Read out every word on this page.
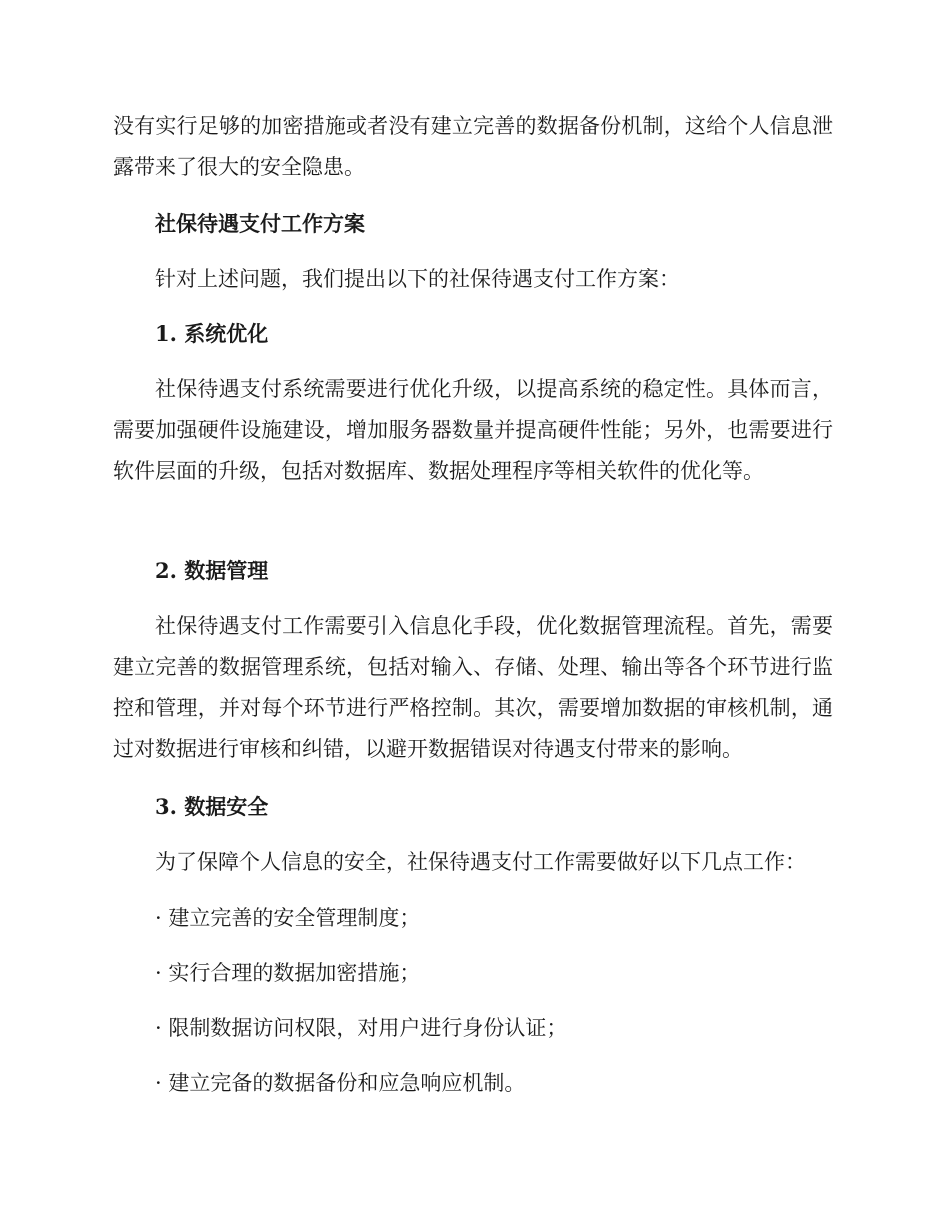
没有实行足够的加密措施或者没有建立完善的数据备份机制，这给个人信息泄露带来了很大的安全隐患。

社保待遇支付工作方案

针对上述问题，我们提出以下的社保待遇支付工作方案：

1. 系统优化

社保待遇支付系统需要进行优化升级，以提高系统的稳定性。具体而言，需要加强硬件设施建设，增加服务器数量并提高硬件性能；另外，也需要进行软件层面的升级，包括对数据库、数据处理程序等相关软件的优化等。

2. 数据管理

社保待遇支付工作需要引入信息化手段，优化数据管理流程。首先，需要建立完善的数据管理系统，包括对输入、存储、处理、输出等各个环节进行监控和管理，并对每个环节进行严格控制。其次，需要增加数据的审核机制，通过对数据进行审核和纠错，以避开数据错误对待遇支付带来的影响。

3. 数据安全

为了保障个人信息的安全，社保待遇支付工作需要做好以下几点工作：

· 建立完善的安全管理制度；

· 实行合理的数据加密措施；

· 限制数据访问权限，对用户进行身份认证；

· 建立完备的数据备份和应急响应机制。
